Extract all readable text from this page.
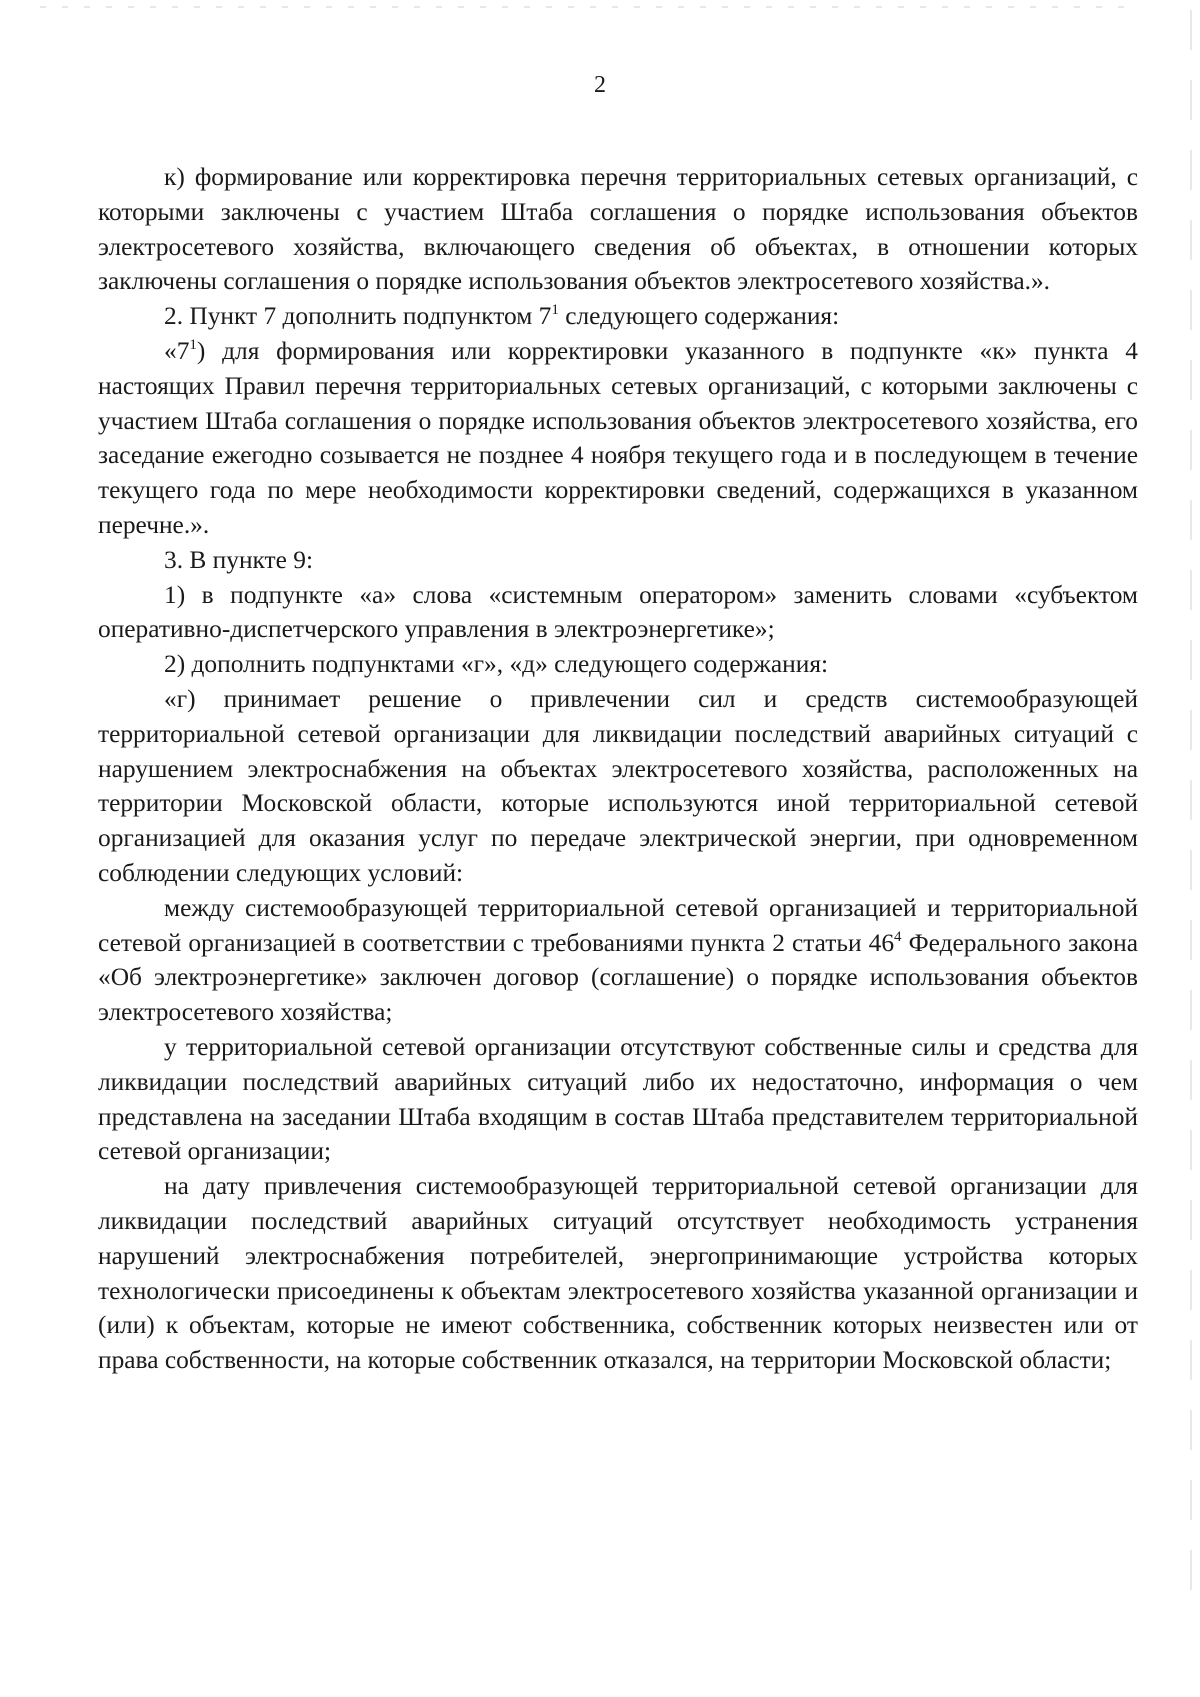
2

к) формирование или корректировка перечня территориальных сетевых организаций, с которыми заключены с участием Штаба соглашения о порядке использования объектов электросетевого хозяйства, включающего сведения об объектах, в отношении которых заключены соглашения о порядке использования объектов электросетевого хозяйства.».

2. Пункт 7 дополнить подпунктом $7^1$ следующего содержания:

«$7^1$) для формирования или корректировки указанного в подпункте «к» пункта 4 настоящих Правил перечня территориальных сетевых организаций, с которыми заключены с участием Штаба соглашения о порядке использования объектов электросетевого хозяйства, его заседание ежегодно созывается не позднее 4 ноября текущего года и в последующем в течение текущего года по мере необходимости корректировки сведений, содержащихся в указанном перечне.».

3. В пункте 9:

1) в подпункте «а» слова «системным оператором» заменить словами «субъектом оперативно-диспетчерского управления в электроэнергетике»;

2) дополнить подпунктами «г», «д» следующего содержания:

«г) принимает решение о привлечении сил и средств системообразующей территориальной сетевой организации для ликвидации последствий аварийных ситуаций с нарушением электроснабжения на объектах электросетевого хозяйства, расположенных на территории Московской области, которые используются иной территориальной сетевой организацией для оказания услуг по передаче электрической энергии, при одновременном соблюдении следующих условий:

между системообразующей территориальной сетевой организацией и территориальной сетевой организацией в соответствии с требованиями пункта 2 статьи $46^4$ Федерального закона «Об электроэнергетике» заключен договор (соглашение) о порядке использования объектов электросетевого хозяйства;

у территориальной сетевой организации отсутствуют собственные силы и средства для ликвидации последствий аварийных ситуаций либо их недостаточно, информация о чем представлена на заседании Штаба входящим в состав Штаба представителем территориальной сетевой организации;

на дату привлечения системообразующей территориальной сетевой организации для ликвидации последствий аварийных ситуаций отсутствует необходимость устранения нарушений электроснабжения потребителей, энергопринимающие устройства которых технологически присоединены к объектам электросетевого хозяйства указанной организации и (или) к объектам, которые не имеют собственника, собственник которых неизвестен или от права собственности, на которые собственник отказался, на территории Московской области;
